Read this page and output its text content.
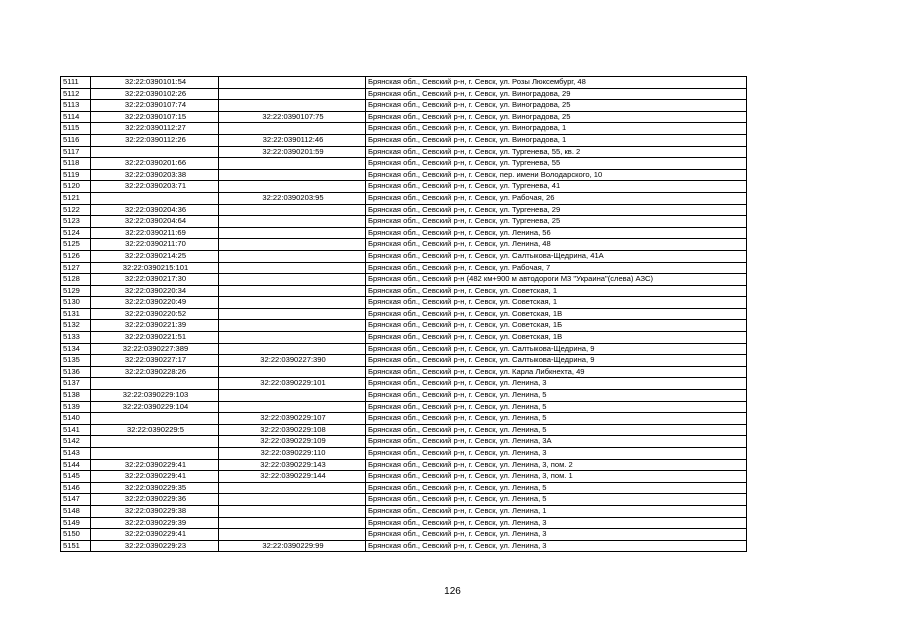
5111	32:22:0390101:54		Брянская обл., Севский р-н, г. Севск, ул. Розы Люксембург, 48
5112	32:22:0390102:26		Брянская обл., Севский р-н, г. Севск, ул. Виноградова, 29
5113	32:22:0390107:74		Брянская обл., Севский р-н, г. Севск, ул. Виноградова, 25
5114	32:22:0390107:15	32:22:0390107:75	Брянская обл., Севский р-н, г. Севск, ул. Виноградова, 25
5115	32:22:0390112:27		Брянская обл., Севский р-н, г. Севск, ул. Виноградова, 1
5116	32:22:0390112:26	32:22:0390112:46	Брянская обл., Севский р-н, г. Севск, ул. Виноградова, 1
5117		32:22:0390201:59	Брянская обл., Севский р-н, г. Севск, ул. Тургенева, 55, кв. 2
5118	32:22:0390201:66		Брянская обл., Севский р-н, г. Севск, ул. Тургенева, 55
5119	32:22:0390203:38		Брянская обл., Севский р-н, г. Севск, пер. имени Володарского, 10
5120	32:22:0390203:71		Брянская обл., Севский р-н, г. Севск, ул. Тургенева, 41
5121		32:22:0390203:95	Брянская обл., Севский р-н, г. Севск, ул. Рабочая, 26
5122	32:22:0390204:36		Брянская обл., Севский р-н, г. Севск, ул. Тургенева, 29
5123	32:22:0390204:64		Брянская обл., Севский р-н, г. Севск, ул. Тургенева, 25
5124	32:22:0390211:69		Брянская обл., Севский р-н, г. Севск, ул. Ленина, 56
5125	32:22:0390211:70		Брянская обл., Севский р-н, г. Севск, ул. Ленина, 48
5126	32:22:0390214:25		Брянская обл., Севский р-н, г. Севск, ул. Салтыкова-Щедрина, 41А
5127	32:22:0390215:101		Брянская обл., Севский р-н, г. Севск, ул. Рабочая, 7
5128	32:22:0390217:30		Брянская обл., Севский р-н (482 км+900 м автодороги М3 "Украина"(слева) АЗС)
5129	32:22:0390220:34		Брянская обл., Севский р-н, г. Севск, ул. Советская, 1
5130	32:22:0390220:49		Брянская обл., Севский р-н, г. Севск, ул. Советская, 1
5131	32:22:0390220:52		Брянская обл., Севский р-н, г. Севск, ул. Советская, 1В
5132	32:22:0390221:39		Брянская обл., Севский р-н, г. Севск, ул. Советская, 1Б
5133	32:22:0390221:51		Брянская обл., Севский р-н, г. Севск, ул. Советская, 1В
5134	32:22:0390227:389		Брянская обл., Севский р-н, г. Севск, ул. Салтыкова-Щедрина, 9
5135	32:22:0390227:17	32:22:0390227:390	Брянская обл., Севский р-н, г. Севск, ул. Салтыкова-Щедрина, 9
5136	32:22:0390228:26		Брянская обл., Севский р-н, г. Севск, ул. Карла Либкнехта, 49
5137		32:22:0390229:101	Брянская обл., Севский р-н, г. Севск, ул. Ленина, 3
5138	32:22:0390229:103		Брянская обл., Севский р-н, г. Севск, ул. Ленина, 5
5139	32:22:0390229:104		Брянская обл., Севский р-н, г. Севск, ул. Ленина, 5
5140		32:22:0390229:107	Брянская обл., Севский р-н, г. Севск, ул. Ленина, 5
5141	32:22:0390229:5	32:22:0390229:108	Брянская обл., Севский р-н, г. Севск, ул. Ленина, 5
5142		32:22:0390229:109	Брянская обл., Севский р-н, г. Севск, ул. Ленина, 3А
5143		32:22:0390229:110	Брянская обл., Севский р-н, г. Севск, ул. Ленина, 3
5144	32:22:0390229:41	32:22:0390229:143	Брянская обл., Севский р-н, г. Севск, ул. Ленина, 3, пом. 2
5145	32:22:0390229:41	32:22:0390229:144	Брянская обл., Севский р-н, г. Севск, ул. Ленина, 3, пом. 1
5146	32:22:0390229:35		Брянская обл., Севский р-н, г. Севск, ул. Ленина, 5
5147	32:22:0390229:36		Брянская обл., Севский р-н, г. Севск, ул. Ленина, 5
5148	32:22:0390229:38		Брянская обл., Севский р-н, г. Севск, ул. Ленина, 1
5149	32:22:0390229:39		Брянская обл., Севский р-н, г. Севск, ул. Ленина, 3
5150	32:22:0390229:41		Брянская обл., Севский р-н, г. Севск, ул. Ленина, 3
5151	32:22:0390229:23	32:22:0390229:99	Брянская обл., Севский р-н, г. Севск, ул. Ленина, 3
126
